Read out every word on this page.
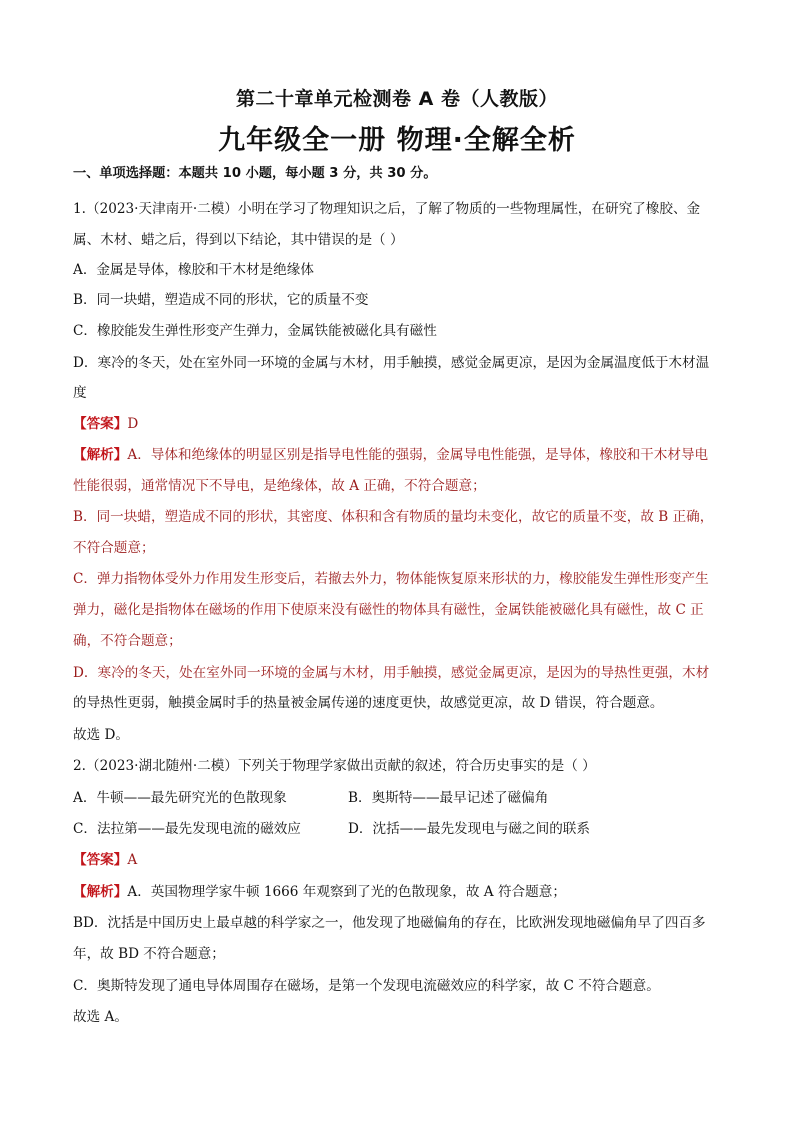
第二十章单元检测卷 A 卷（人教版）
九年级全一册 物理·全解全析
一、单项选择题：本题共 10 小题，每小题 3 分，共 30 分。
1.（2023·天津南开·二模）小明在学习了物理知识之后，了解了物质的一些物理属性，在研究了橡胶、金
属、木材、蜡之后，得到以下结论，其中错误的是（ ）
A．金属是导体，橡胶和干木材是绝缘体
B．同一块蜡，塑造成不同的形状，它的质量不变
C．橡胶能发生弹性形变产生弹力，金属铁能被磁化具有磁性
D．寒冷的冬天，处在室外同一环境的金属与木材，用手触摸，感觉金属更凉，是因为金属温度低于木材温
度
【答案】D
【解析】A．导体和绝缘体的明显区别是指导电性能的强弱，金属导电性能强，是导体，橡胶和干木材导电
性能很弱，通常情况下不导电，是绝缘体，故 A 正确，不符合题意；
B．同一块蜡，塑造成不同的形状，其密度、体积和含有物质的量均未变化，故它的质量不变，故 B 正确，
不符合题意；
C．弹力指物体受外力作用发生形变后，若撤去外力，物体能恢复原来形状的力，橡胶能发生弹性形变产生
弹力，磁化是指物体在磁场的作用下使原来没有磁性的物体具有磁性，金属铁能被磁化具有磁性，故 C 正
确，不符合题意；
D．寒冷的冬天，处在室外同一环境的金属与木材，用手触摸，感觉金属更凉，是因为的导热性更强，木材
的导热性更弱，触摸金属时手的热量被金属传递的速度更快，故感觉更凉，故 D 错误，符合题意。
故选 D。
2.（2023·湖北随州·二模）下列关于物理学家做出贡献的叙述，符合历史事实的是（ ）
A．牛顿——最先研究光的色散现象	B．奥斯特——最早记述了磁偏角
C．法拉第——最先发现电流的磁效应	D．沈括——最先发现电与磁之间的联系
【答案】A
【解析】A．英国物理学家牛顿 1666 年观察到了光的色散现象，故 A 符合题意；
BD．沈括是中国历史上最卓越的科学家之一，他发现了地磁偏角的存在，比欧洲发现地磁偏角早了四百多
年，故 BD 不符合题意；
C．奥斯特发现了通电导体周围存在磁场，是第一个发现电流磁效应的科学家，故 C 不符合题意。
故选 A。
